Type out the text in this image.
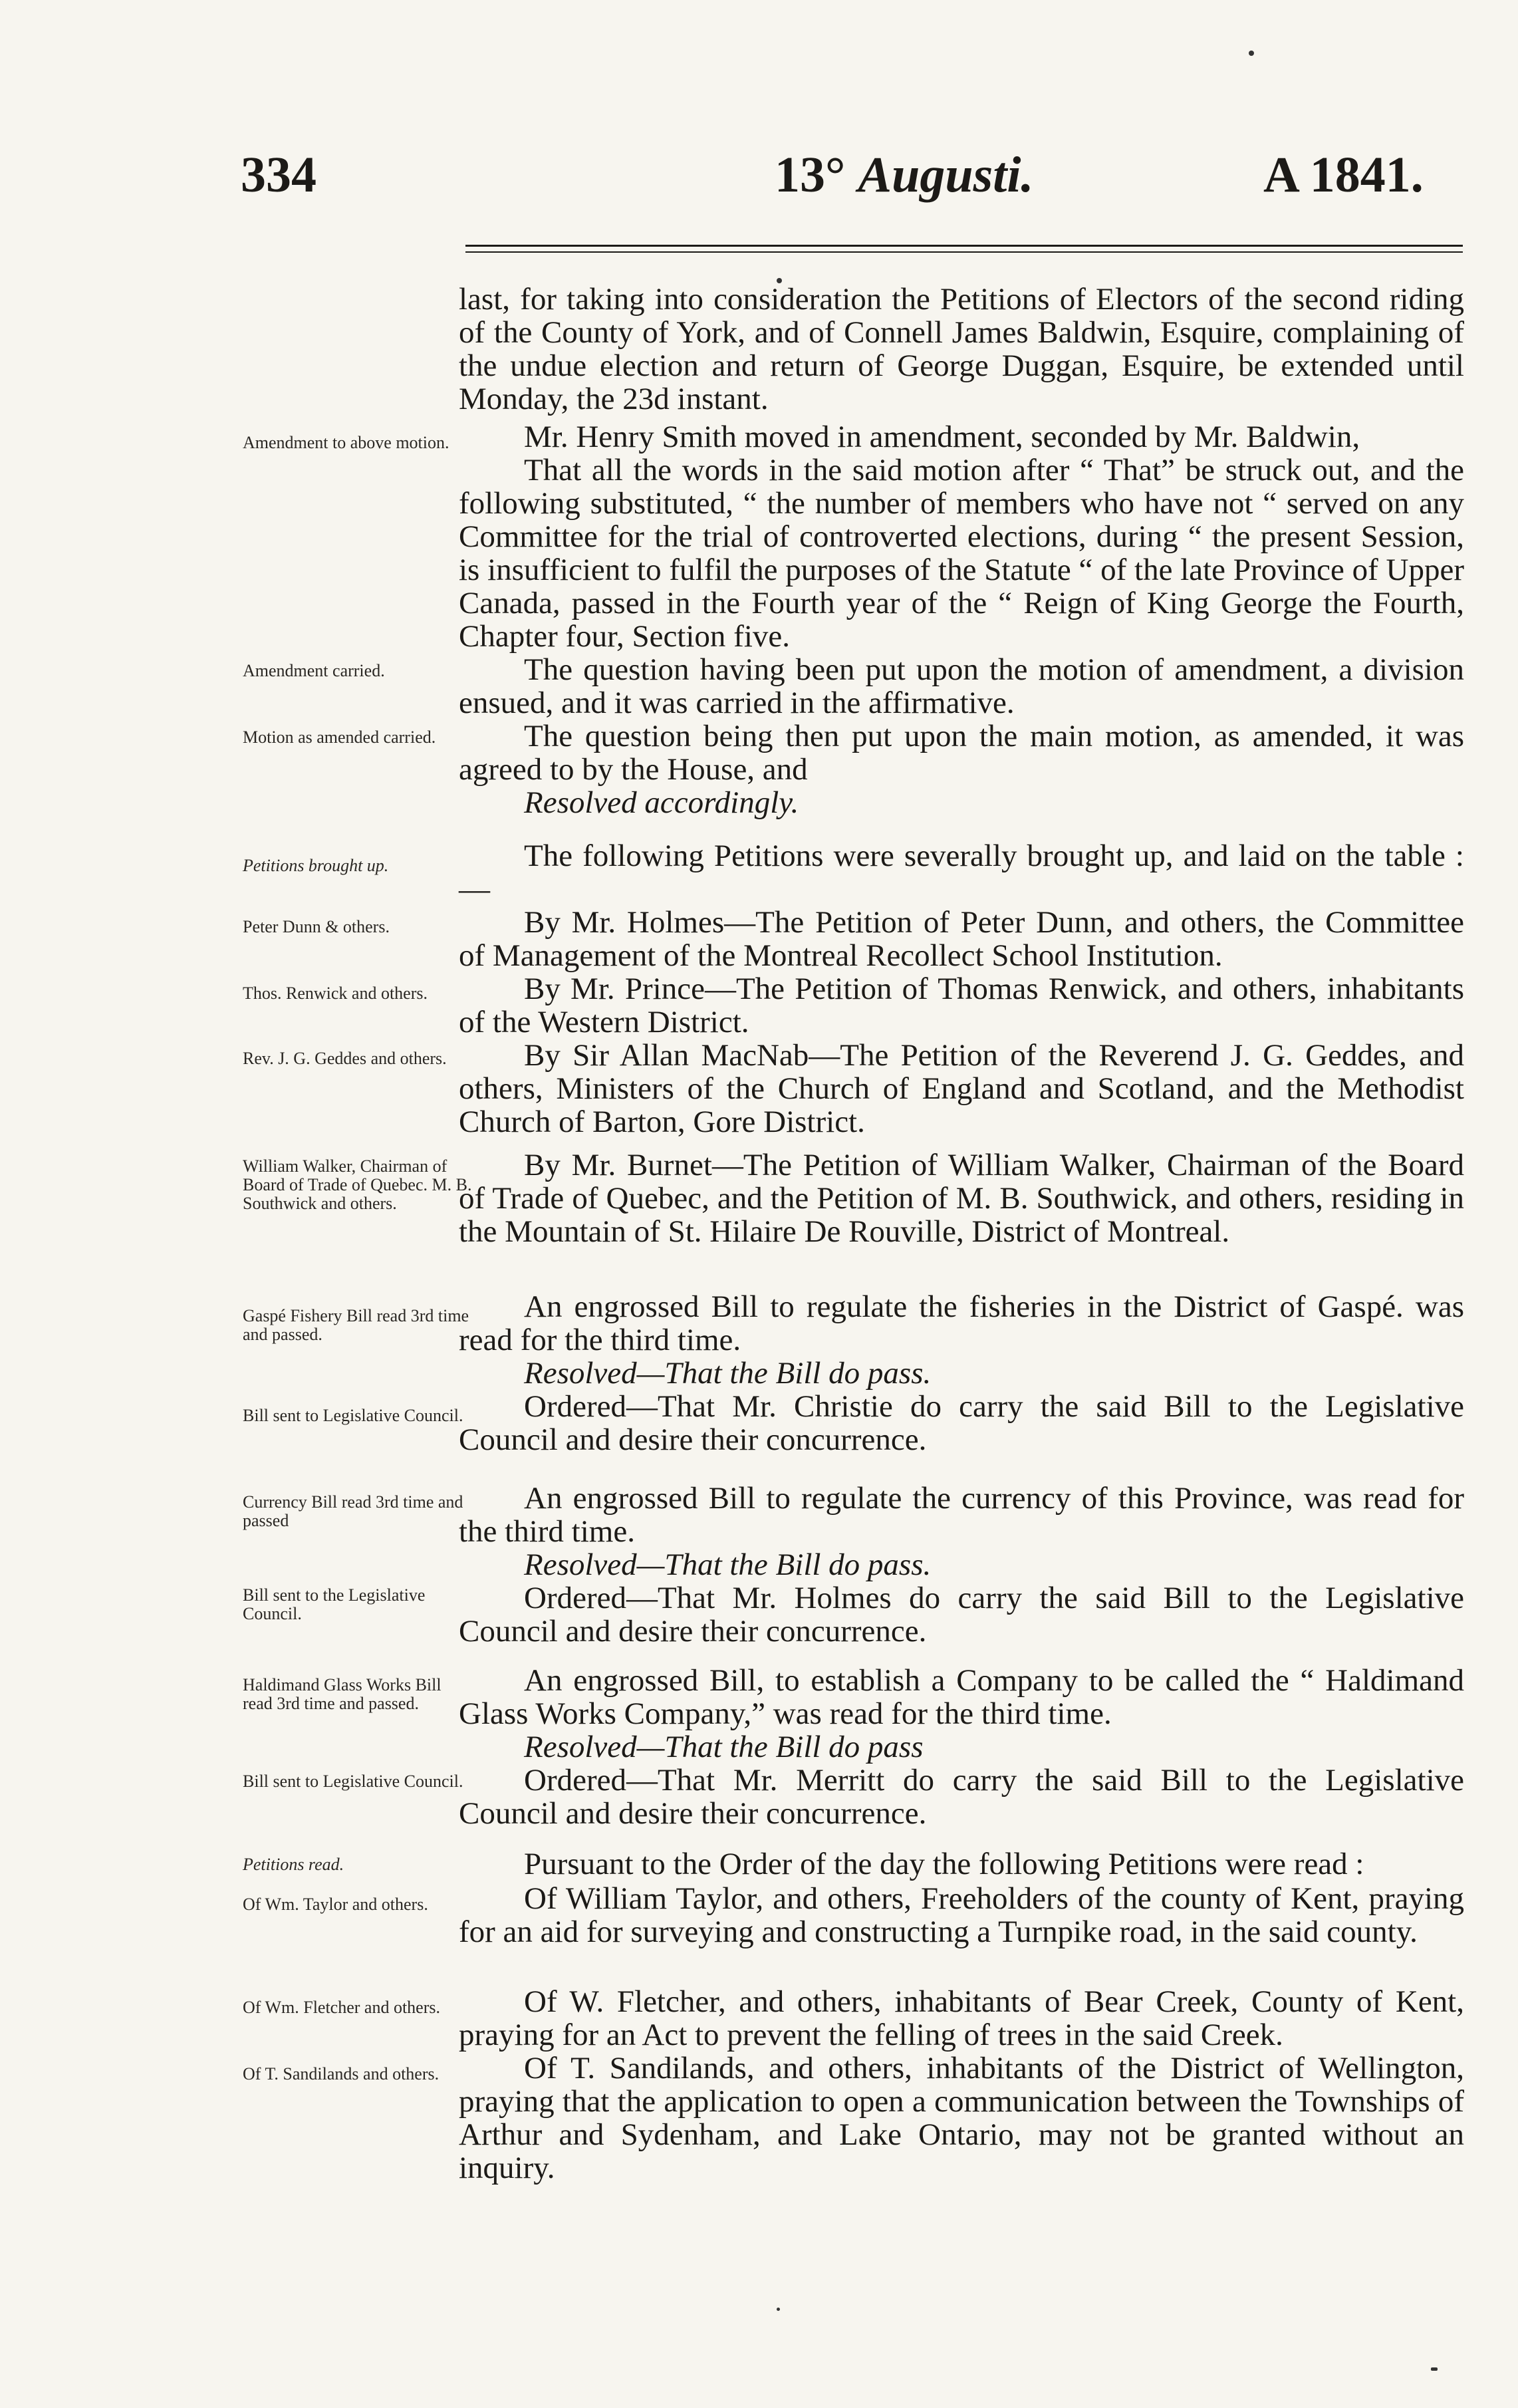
334	13° Augusti.	A 1841.

last, for taking into consideration the Petitions of Electors of the second riding of the County of York, and of Connell James Baldwin, Esquire, complaining of the undue election and return of George Duggan, Esquire, be extended until Monday, the 23d instant.

Mr. Henry Smith moved in amendment, seconded by Mr. Baldwin,

That all the words in the said motion after “ That” be struck out, and the following substituted, “ the number of members who have not “ served on any Committee for the trial of controverted elections, during “ the present Session, is insufficient to fulfil the purposes of the Statute “ of the late Province of Upper Canada, passed in the Fourth year of the “ Reign of King George the Fourth, Chapter four, Section five.

The question having been put upon the motion of amendment, a division ensued, and it was carried in the affirmative.

The question being then put upon the main motion, as amended, it was agreed to by the House, and

Resolved accordingly.

The following Petitions were severally brought up, and laid on the table :—

By Mr. Holmes—The Petition of Peter Dunn, and others, the Committee of Management of the Montreal Recollect School Institution.

By Mr. Prince—The Petition of Thomas Renwick, and others, inhabitants of the Western District.

By Sir Allan MacNab—The Petition of the Reverend J. G. Geddes, and others, Ministers of the Church of England and Scotland, and the Methodist Church of Barton, Gore District.

By Mr. Burnet—The Petition of William Walker, Chairman of the Board of Trade of Quebec, and the Petition of M. B. Southwick, and others, residing in the Mountain of St. Hilaire De Rouville, District of Montreal.

An engrossed Bill to regulate the fisheries in the District of Gaspé. was read for the third time.

Resolved—That the Bill do pass.

Ordered—That Mr. Christie do carry the said Bill to the Legislative Council and desire their concurrence.

An engrossed Bill to regulate the currency of this Province, was read for the third time.

Resolved—That the Bill do pass.

Ordered—That Mr. Holmes do carry the said Bill to the Legislative Council and desire their concurrence.

An engrossed Bill, to establish a Company to be called the “ Haldimand Glass Works Company,” was read for the third time.

Resolved—That the Bill do pass

Ordered—That Mr. Merritt do carry the said Bill to the Legislative Council and desire their concurrence.

Pursuant to the Order of the day the following Petitions were read :

Of William Taylor, and others, Freeholders of the county of Kent, praying for an aid for surveying and constructing a Turnpike road, in the said county.

Of W. Fletcher, and others, inhabitants of Bear Creek, County of Kent, praying for an Act to prevent the felling of trees in the said Creek.

Of T. Sandilands, and others, inhabitants of the District of Wellington, praying that the application to open a communication between the Townships of Arthur and Sydenham, and Lake Ontario, may not be granted without an inquiry.

Amendment to above motion.

Amendment carried.

Motion as amended carried.

Petitions brought up.

Peter Dunn & others.

Thos. Renwick and others.

Rev. J. G. Geddes and others.

William Walker, Chairman of Board of Trade of Quebec. M. B. Southwick and others.

Gaspé Fishery Bill read 3rd time and passed.

Bill sent to Legislative Council.

Currency Bill read 3rd time and passed

Bill sent to the Legislative Council.

Haldimand Glass Works Bill read 3rd time and passed.

Bill sent to Legislative Council.

Petitions read.

Of Wm. Taylor and others.

Of Wm. Fletcher and others.

Of T. Sandilands and others.
